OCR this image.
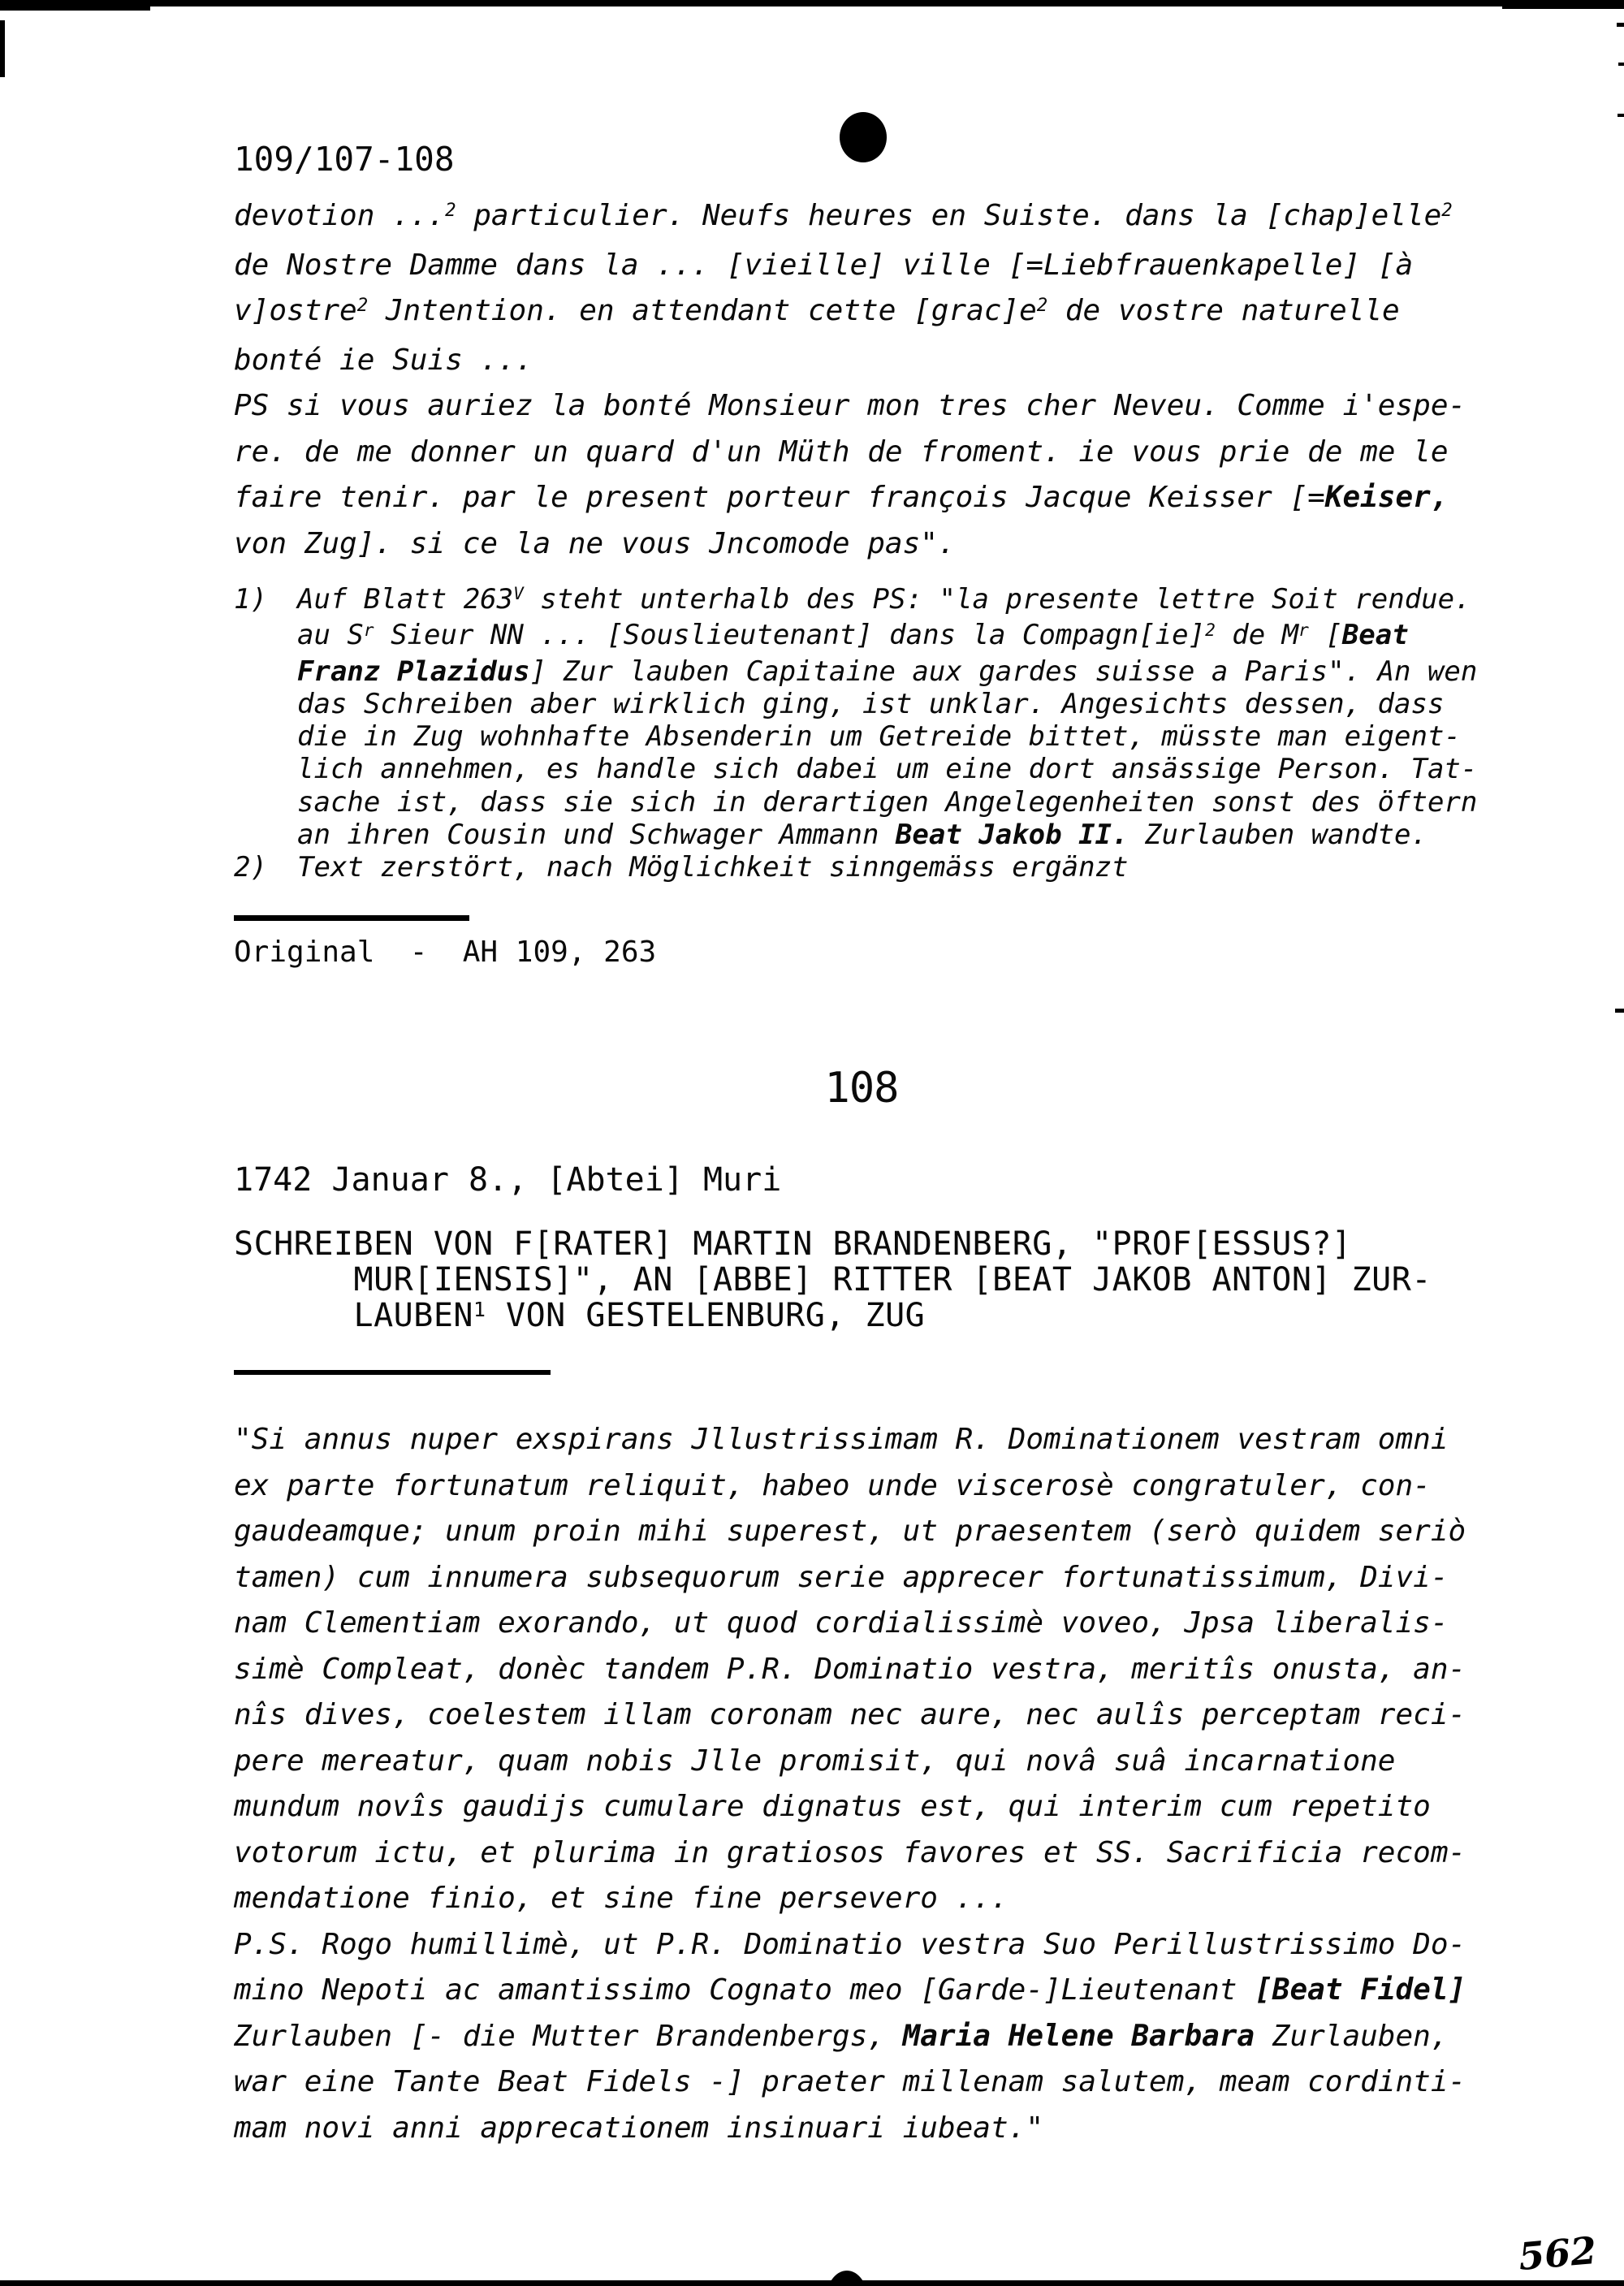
109/107-108
devotion ...$^2$ particulier. Neufs heures en Suiste. dans la [chap]elle$^2$
de Nostre Damme dans la ... [vieille] ville [=Liebfrauenkapelle] [à
v]ostre$^2$ Jntention. en attendant cette $[grac]e^2$ de vostre naturelle
bonté ie Suis ...
PS si vous auriez la bonté Monsieur mon tres cher Neveu. Comme i'espe-
re. de me donner un quard d'un Müth de froment. ie vous prie de me le
faire tenir. par le present porteur françois Jacque Keisser [=Keiser,
von Zug]. si ce la ne vous Jncomode pas".
1) Auf Blatt $263^V$ steht unterhalb des PS: "la presente lettre Soit rendue.
au $S^r$ Sieur NN ... [Souslieutenant] dans la Compagn[ie]$^2$ de $M^r$ [Beat
Franz Plazidus] Zur lauben Capitaine aux gardes suisse a Paris". An wen
das Schreiben aber wirklich ging, ist unklar. Angesichts dessen, dass
die in Zug wohnhafte Absenderin um Getreide bittet, müsste man eigent-
lich annehmen, es handle sich dabei um eine dort ansässige Person. Tat-
sache ist, dass sie sich in derartigen Angelegenheiten sonst des öftern
an ihren Cousin und Schwager Ammann Beat Jakob II. Zurlauben wandte.
2) Text zerstört, nach Möglichkeit sinngemäss ergänzt
Original  -  AH 109, 263
108
1742 Januar 8., [Abtei] Muri
SCHREIBEN VON F[RATER] MARTIN BRANDENBERG, "PROF[ESSUS?]
MUR[IENSIS]", AN [ABBE] RITTER [BEAT JAKOB ANTON] ZUR-
LAUBEN$^1$ VON GESTELENBURG, ZUG
"Si annus nuper exspirans Jllustrissimam R. Dominationem vestram omni
ex parte fortunatum reliquit, habeo unde viscerosè congratuler, con-
gaudeamque; unum proin mihi superest, ut praesentem (serò quidem seriò
tamen) cum innumera subsequorum serie apprecer fortunatissimum, Divi-
nam Clementiam exorando, ut quod cordialissimè voveo, Jpsa liberalis-
simè Compleat, donèc tandem P.R. Dominatio vestra, meritîs onusta, an-
nîs dives, coelestem illam coronam nec aure, nec aulîs perceptam reci-
pere mereatur, quam nobis Jlle promisit, qui novâ suâ incarnatione
mundum novîs gaudijs cumulare dignatus est, qui interim cum repetito
votorum ictu, et plurima in gratiosos favores et SS. Sacrificia recom-
mendatione finio, et sine fine persevero ...
P.S. Rogo humillimè, ut P.R. Dominatio vestra Suo Perillustrissimo Do-
mino Nepoti ac amantissimo Cognato meo [Garde-]Lieutenant [Beat Fidel]
Zurlauben [- die Mutter Brandenbergs, Maria Helene Barbara Zurlauben,
war eine Tante Beat Fidels -] praeter millenam salutem, meam cordinti-
mam novi anni apprecationem insinuari iubeat."
562
